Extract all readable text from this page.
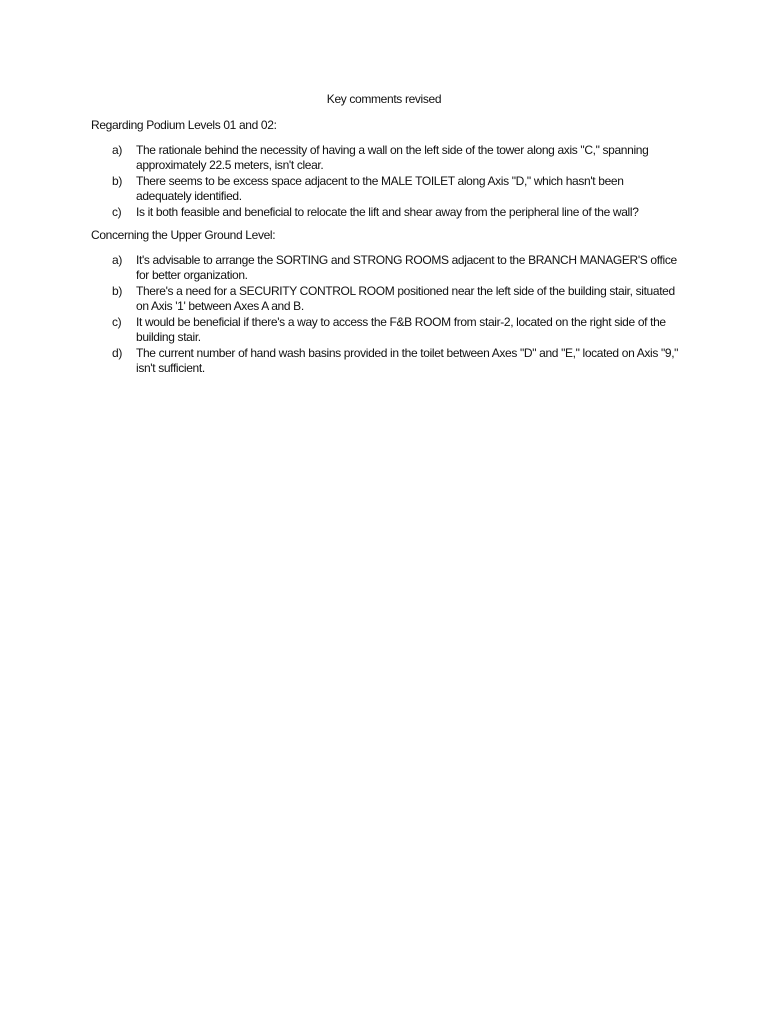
Key comments revised
Regarding Podium Levels 01 and 02:
a) The rationale behind the necessity of having a wall on the left side of the tower along axis "C," spanning approximately 22.5 meters, isn't clear.
b) There seems to be excess space adjacent to the MALE TOILET along Axis "D," which hasn't been adequately identified.
c) Is it both feasible and beneficial to relocate the lift and shear away from the peripheral line of the wall?
Concerning the Upper Ground Level:
a) It's advisable to arrange the SORTING and STRONG ROOMS adjacent to the BRANCH MANAGER'S office for better organization.
b) There's a need for a SECURITY CONTROL ROOM positioned near the left side of the building stair, situated on Axis '1' between Axes A and B.
c) It would be beneficial if there's a way to access the F&B ROOM from stair-2, located on the right side of the building stair.
d) The current number of hand wash basins provided in the toilet between Axes "D" and "E," located on Axis "9," isn't sufficient.
